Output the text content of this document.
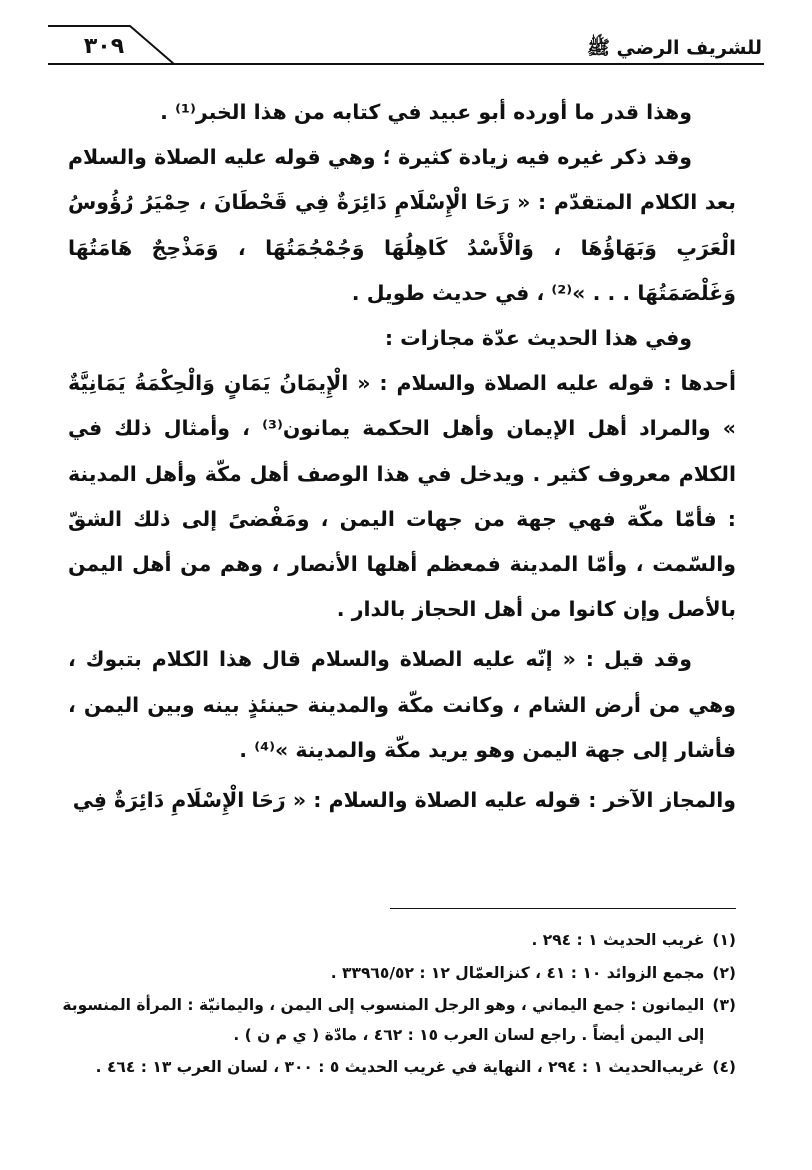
للشريف الرضي ﷺ
٣٠٩

وهذا قدر ما أورده أبو عبيد في كتابه من هذا الخبر⁽¹⁾ .

وقد ذكر غيره فيه زيادة كثيرة ؛ وهي قوله عليه الصلاة والسلام بعد الكلام المتقدّم : « رَحَا الْإِسْلَامِ دَائِرَةٌ فِي قَحْطَانَ ، حِمْيَرُ رُؤُوسُ الْعَرَبِ وَبَهَاؤُهَا ، وَالْأَسْدُ كَاهِلُهَا وَجُمْجُمَتُهَا ، وَمَذْحِجٌ هَامَتُهَا وَغَلْصَمَتُهَا . . . »⁽²⁾ ، في حديث طويل .

وفي هذا الحديث عدّة مجازات :

أحدها : قوله عليه الصلاة والسلام : « الْإِيمَانُ يَمَانٍ وَالْحِكْمَةُ يَمَانِيَّةٌ » والمراد أهل الإيمان وأهل الحكمة يمانون⁽³⁾ ، وأمثال ذلك في الكلام معروف كثير . ويدخل في هذا الوصف أهل مكّة وأهل المدينة : فأمّا مكّة فهي جهة من جهات اليمن ، ومَفْضىً إلى ذلك الشقّ والسّمت ، وأمّا المدينة فمعظم أهلها الأنصار ، وهم من أهل اليمن بالأصل وإن كانوا من أهل الحجاز بالدار .

وقد قيل : « إنّه عليه الصلاة والسلام قال هذا الكلام بتبوك ، وهي من أرض الشام ، وكانت مكّة والمدينة حينئذٍ بينه وبين اليمن ، فأشار إلى جهة اليمن وهو يريد مكّة والمدينة »⁽⁴⁾ .

والمجاز الآخر : قوله عليه الصلاة والسلام : « رَحَا الْإِسْلَامِ دَائِرَةٌ فِي

(١)
غريب الحديث ١ : ٢٩٤ .
(٢)
مجمع الزوائد ١٠ : ٤١ ، كنزالعمّال ١٢ : ٣٣٩٦٥/٥٢ .
(٣)
اليمانون : جمع اليماني ، وهو الرجل المنسوب إلى اليمن ، واليمانيّة : المرأة المنسوبة إلى اليمن أيضاً . راجع لسان العرب ١٥ : ٤٦٢ ، مادّة ( ي م ن ) .
(٤)
غريب‌الحديث ١ : ٢٩٤ ، النهاية في غريب الحديث ٥ : ٣٠٠ ، لسان العرب ١٣ : ٤٦٤ .
